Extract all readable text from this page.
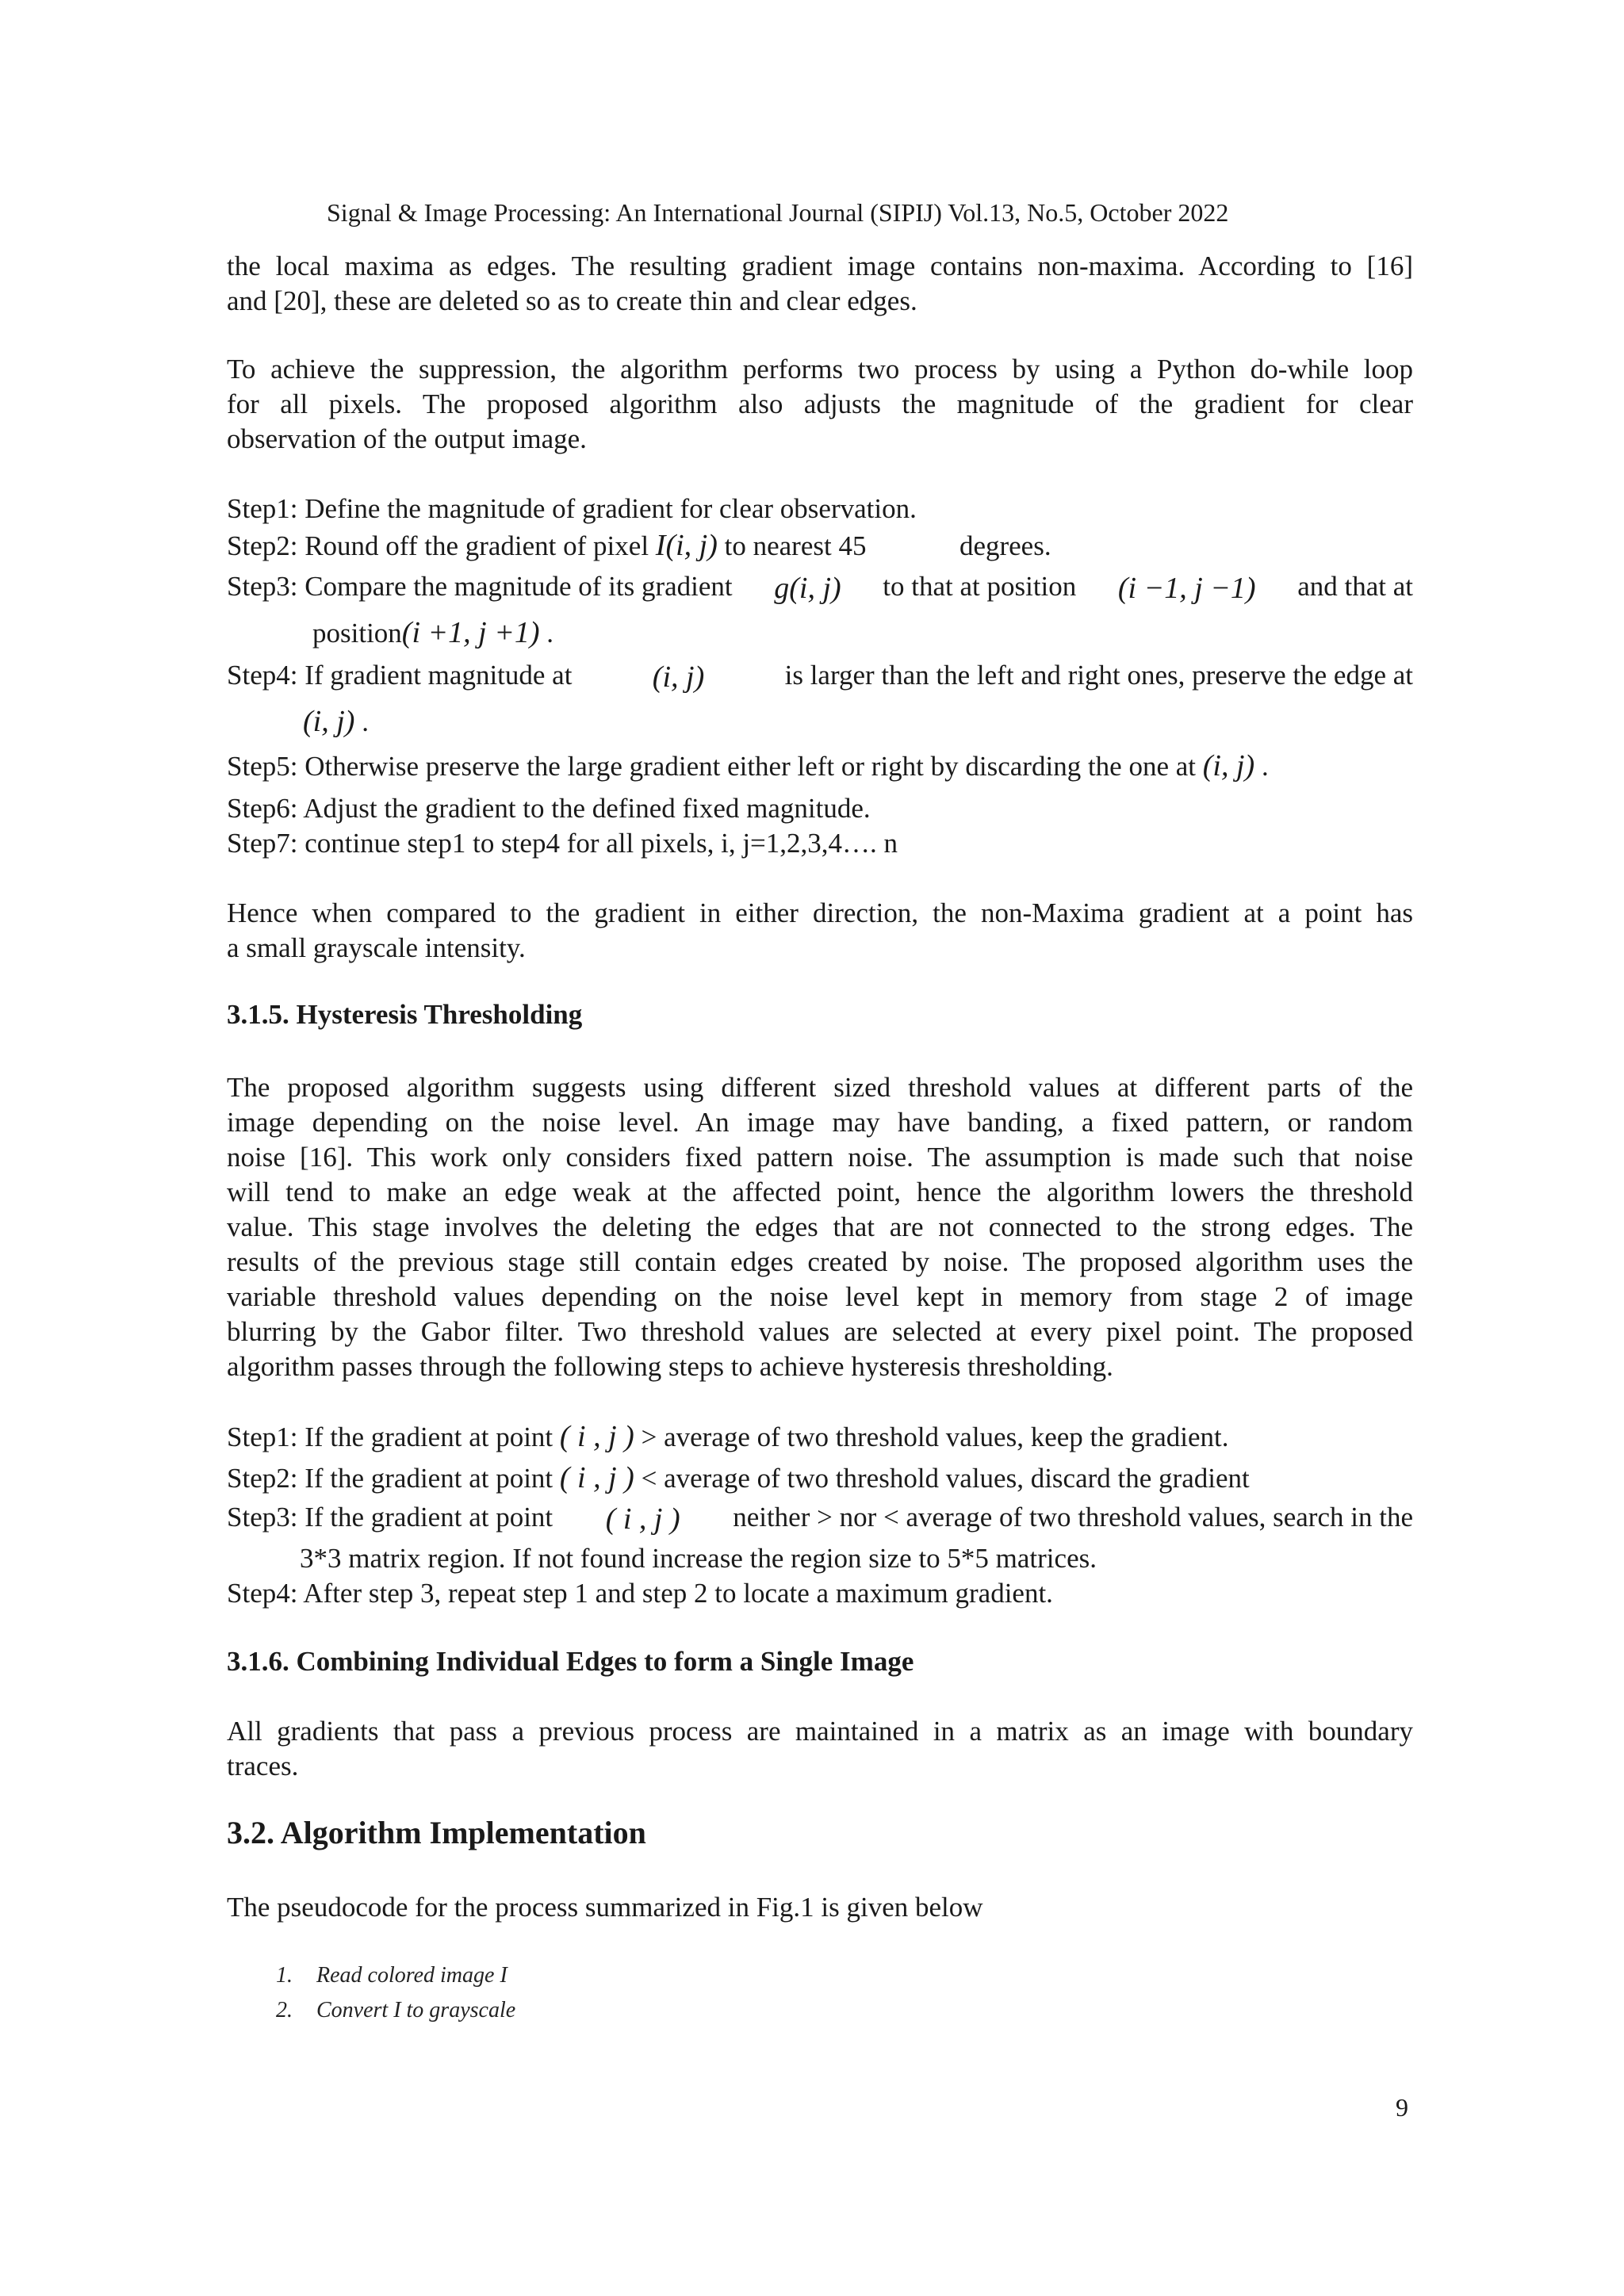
Signal & Image Processing: An International Journal (SIPIJ) Vol.13, No.5, October 2022
the local maxima as edges. The resulting gradient image contains non-maxima. According to [16]
and [20], these are deleted so as to create thin and clear edges.
To achieve the suppression, the algorithm performs two process by using a Python do-while loop
for all pixels. The proposed algorithm also adjusts the magnitude of the gradient for clear
observation of the output image.
Step1: Define the magnitude of gradient for clear observation.
Step2: Round off the gradient of pixel I(i, j) to nearest 45	degrees.
Step3: Compare the magnitude of its gradient g(i, j) to that at position (i −1, j −1) and that at
position(i +1, j +1) .
Step4: If gradient magnitude at	(i, j)	is larger than the left and right ones, preserve the edge at
(i, j) .
Step5: Otherwise preserve the large gradient either left or right by discarding the one at (i, j) .
Step6: Adjust the gradient to the defined fixed magnitude.
Step7: continue step1 to step4 for all pixels, i, j=1,2,3,4…. n
Hence when compared to the gradient in either direction, the non-Maxima gradient at a point has
a small grayscale intensity.
3.1.5. Hysteresis Thresholding
The proposed algorithm suggests using different sized threshold values at different parts of the
image depending on the noise level. An image may have banding, a fixed pattern, or random
noise [16]. This work only considers fixed pattern noise. The assumption is made such that noise
will tend to make an edge weak at the affected point, hence the algorithm lowers the threshold
value. This stage involves the deleting the edges that are not connected to the strong edges. The
results of the previous stage still contain edges created by noise. The proposed algorithm uses the
variable threshold values depending on the noise level kept in memory from stage 2 of image
blurring by the Gabor filter. Two threshold values are selected at every pixel point. The proposed
algorithm passes through the following steps to achieve hysteresis thresholding.
Step1: If the gradient at point ( i , j ) > average of two threshold values, keep the gradient.
Step2: If the gradient at point ( i , j ) < average of two threshold values, discard the gradient
Step3: If the gradient at point ( i , j ) neither > nor < average of two threshold values, search in the
3*3 matrix region. If not found increase the region size to 5*5 matrices.
Step4: After step 3, repeat step 1 and step 2 to locate a maximum gradient.
3.1.6. Combining Individual Edges to form a Single Image
All gradients that pass a previous process are maintained in a matrix as an image with boundary
traces.
3.2. Algorithm Implementation
The pseudocode for the process summarized in Fig.1 is given below
1. Read colored image I
2. Convert I to grayscale
9
